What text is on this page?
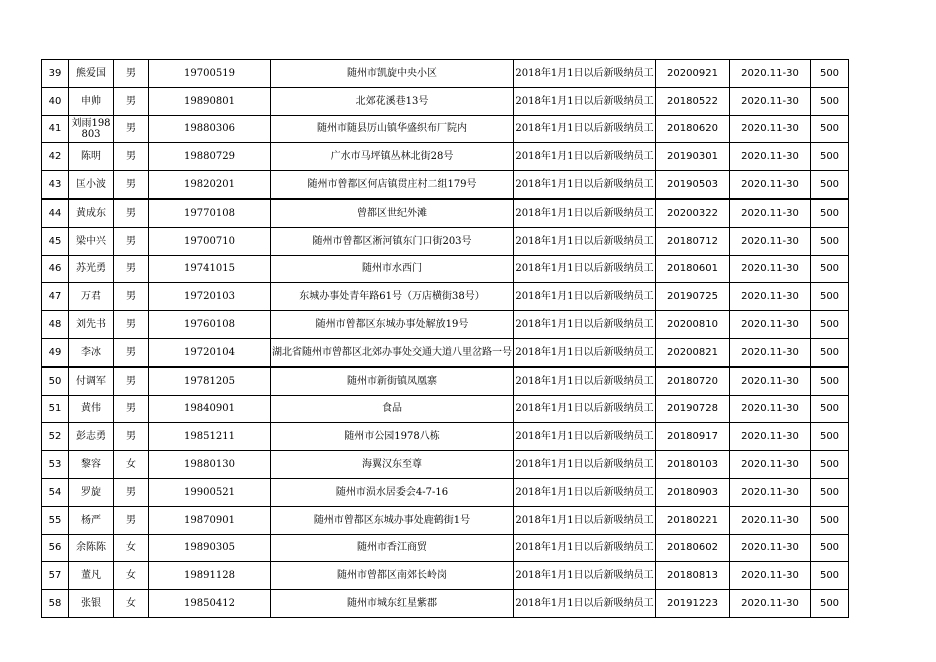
39	熊爱国	男	19700519	随州市凯旋中央小区	2018年1月1日以后新吸纳员工	20200921	2020.11-30	500
40	申帅	男	19890801	北郊花溪巷13号	2018年1月1日以后新吸纳员工	20180522	2020.11-30	500
41	刘雨198803	男	19880306	随州市随县厉山镇华盛织布厂院内	2018年1月1日以后新吸纳员工	20180620	2020.11-30	500
42	陈明	男	19880729	广水市马坪镇丛林北街28号	2018年1月1日以后新吸纳员工	20190301	2020.11-30	500
43	匡小波	男	19820201	随州市曾都区何店镇贯庄村二组179号	2018年1月1日以后新吸纳员工	20190503	2020.11-30	500
44	黄成东	男	19770108	曾都区世纪外滩	2018年1月1日以后新吸纳员工	20200322	2020.11-30	500
45	梁中兴	男	19700710	随州市曾都区淅河镇东门口街203号	2018年1月1日以后新吸纳员工	20180712	2020.11-30	500
46	苏光勇	男	19741015	随州市水西门	2018年1月1日以后新吸纳员工	20180601	2020.11-30	500
47	万君	男	19720103	东城办事处青年路61号（万店横街38号）	2018年1月1日以后新吸纳员工	20190725	2020.11-30	500
48	刘先书	男	19760108	随州市曾都区东城办事处解放19号	2018年1月1日以后新吸纳员工	20200810	2020.11-30	500
49	李冰	男	19720104	湖北省随州市曾都区北郊办事处交通大道八里岔路一号	2018年1月1日以后新吸纳员工	20200821	2020.11-30	500
50	付调军	男	19781205	随州市新街镇凤凰寨	2018年1月1日以后新吸纳员工	20180720	2020.11-30	500
51	黄伟	男	19840901	食品	2018年1月1日以后新吸纳员工	20190728	2020.11-30	500
52	彭志勇	男	19851211	随州市公园1978八栋	2018年1月1日以后新吸纳员工	20180917	2020.11-30	500
53	黎容	女	19880130	海翼汉东至尊	2018年1月1日以后新吸纳员工	20180103	2020.11-30	500
54	罗旋	男	19900521	随州市涢水居委会4-7-16	2018年1月1日以后新吸纳员工	20180903	2020.11-30	500
55	杨严	男	19870901	随州市曾都区东城办事处鹿鹤街1号	2018年1月1日以后新吸纳员工	20180221	2020.11-30	500
56	余陈陈	女	19890305	随州市香江商贸	2018年1月1日以后新吸纳员工	20180602	2020.11-30	500
57	董凡	女	19891128	随州市曾都区南郊长岭岗	2018年1月1日以后新吸纳员工	20180813	2020.11-30	500
58	张银	女	19850412	随州市城东红星紫郡	2018年1月1日以后新吸纳员工	20191223	2020.11-30	500
